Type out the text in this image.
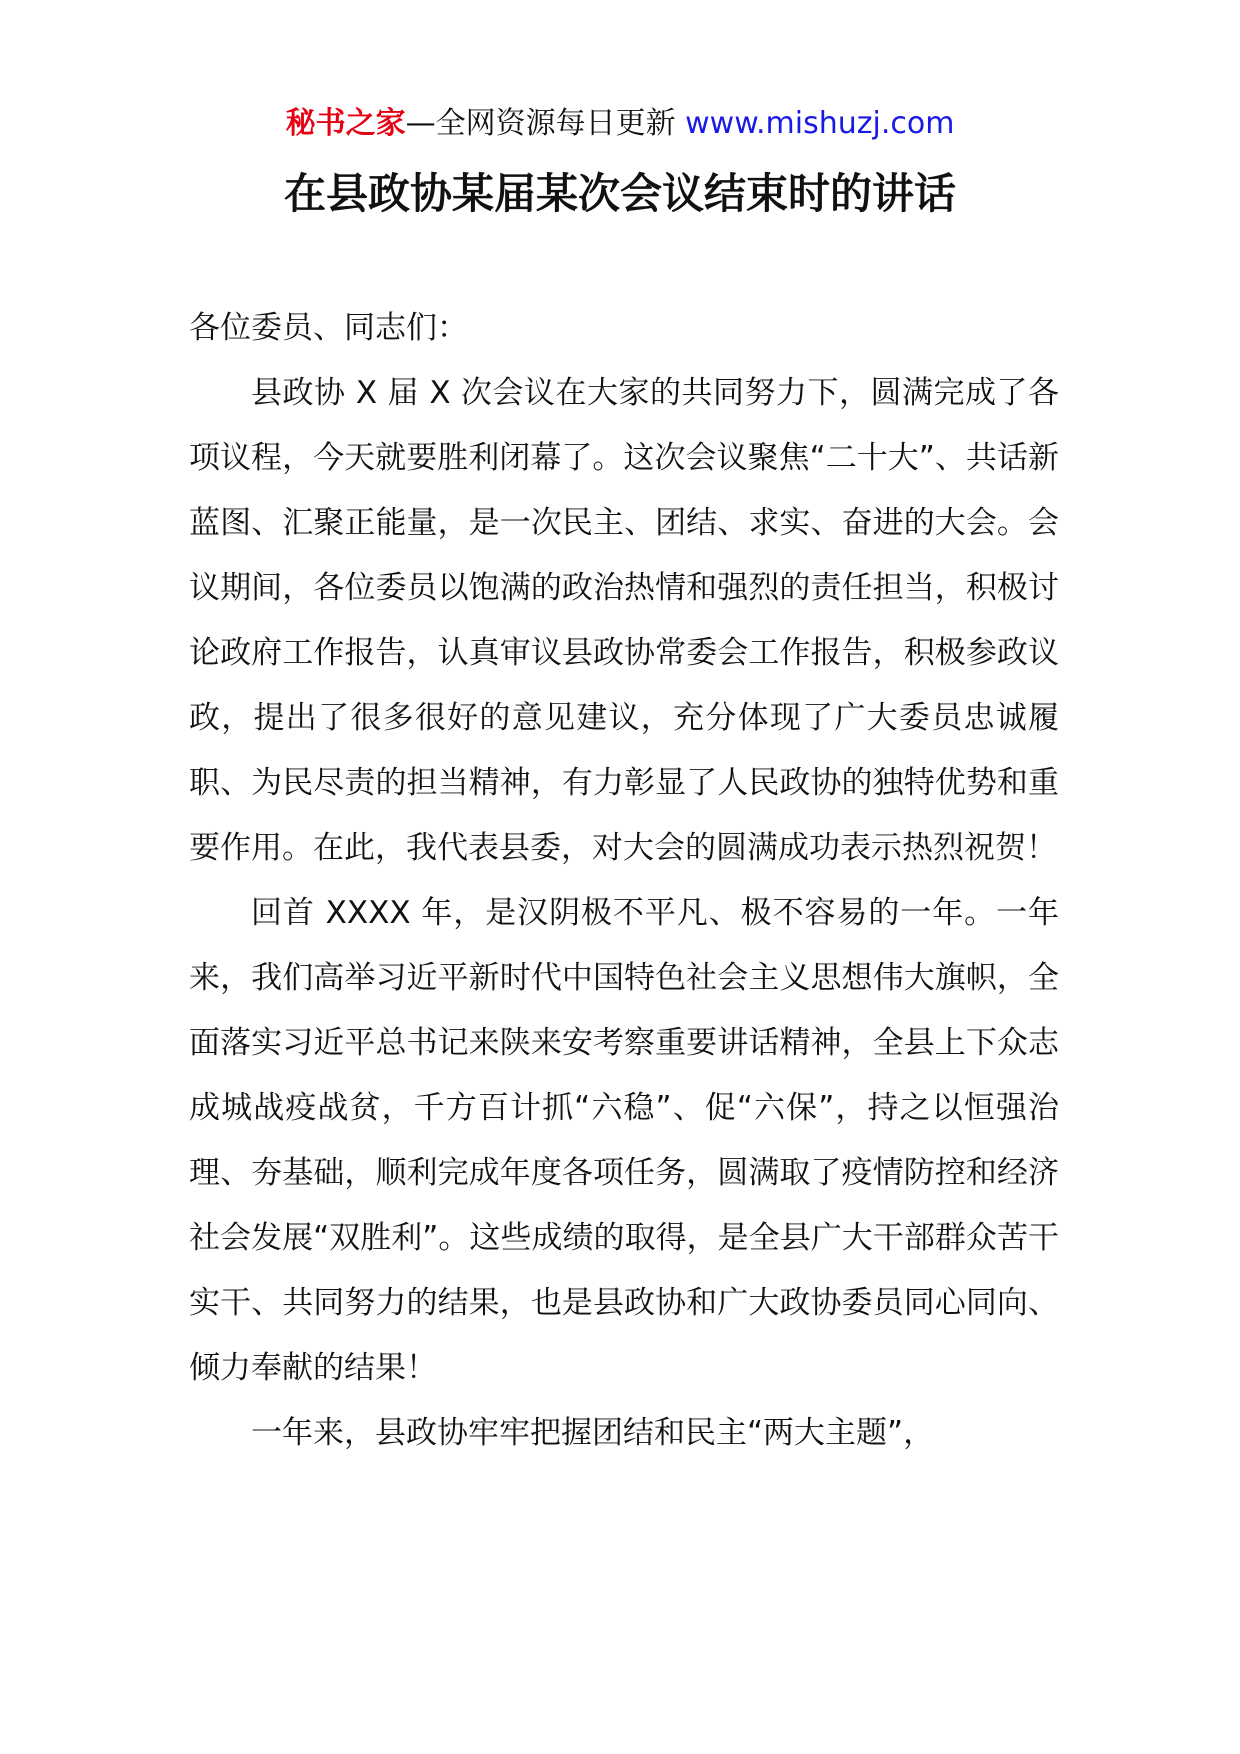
秘书之家—全网资源每日更新 www.mishuzj.com
在县政协某届某次会议结束时的讲话

各位委员、同志们：

县政协 X 届 X 次会议在大家的共同努力下，圆满完成了各项议程，今天就要胜利闭幕了。这次会议聚焦“二十大”、共话新蓝图、汇聚正能量，是一次民主、团结、求实、奋进的大会。会议期间，各位委员以饱满的政治热情和强烈的责任担当，积极讨论政府工作报告，认真审议县政协常委会工作报告，积极参政议政，提出了很多很好的意见建议，充分体现了广大委员忠诚履职、为民尽责的担当精神，有力彰显了人民政协的独特优势和重要作用。在此，我代表县委，对大会的圆满成功表示热烈祝贺！

回首 XXXX 年，是汉阴极不平凡、极不容易的一年。一年来，我们高举习近平新时代中国特色社会主义思想伟大旗帜，全面落实习近平总书记来陕来安考察重要讲话精神，全县上下众志成城战疫战贫，千方百计抓“六稳”、促“六保”，持之以恒强治理、夯基础，顺利完成年度各项任务，圆满取了疫情防控和经济社会发展“双胜利”。这些成绩的取得，是全县广大干部群众苦干实干、共同努力的结果，也是县政协和广大政协委员同心同向、倾力奉献的结果！

一年来，县政协牢牢把握团结和民主“两大主题”，
